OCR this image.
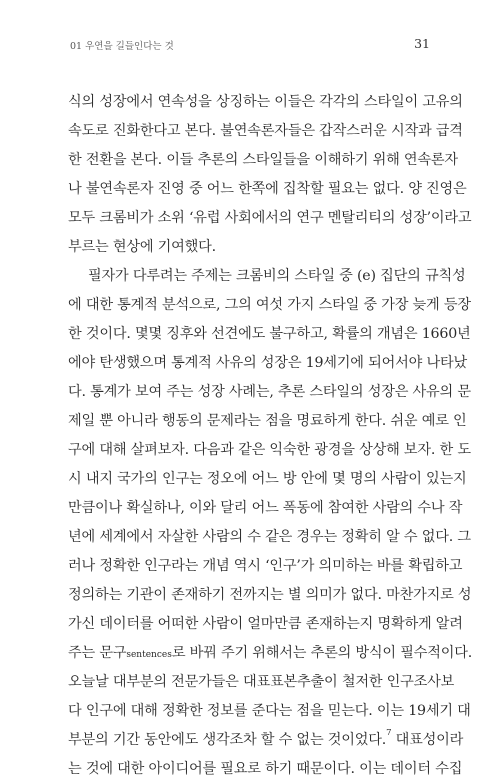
01 우연을 길들인다는 것	31
식의 성장에서 연속성을 상징하는 이들은 각각의 스타일이 고유의
속도로 진화한다고 본다. 불연속론자들은 갑작스러운 시작과 급격
한 전환을 본다. 이들 추론의 스타일들을 이해하기 위해 연속론자
나 불연속론자 진영 중 어느 한쪽에 집착할 필요는 없다. 양 진영은
모두 크롬비가 소위 ‘유럽 사회에서의 연구 멘탈리티의 성장’이라고
부르는 현상에 기여했다.
필자가 다루려는 주제는 크롬비의 스타일 중 (e) 집단의 규칙성
에 대한 통계적 분석으로, 그의 여섯 가지 스타일 중 가장 늦게 등장
한 것이다. 몇몇 징후와 선견에도 불구하고, 확률의 개념은 1660년
에야 탄생했으며 통계적 사유의 성장은 19세기에 되어서야 나타났
다. 통계가 보여 주는 성장 사례는, 추론 스타일의 성장은 사유의 문
제일 뿐 아니라 행동의 문제라는 점을 명료하게 한다. 쉬운 예로 인
구에 대해 살펴보자. 다음과 같은 익숙한 광경을 상상해 보자. 한 도
시 내지 국가의 인구는 정오에 어느 방 안에 몇 명의 사람이 있는지
만큼이나 확실하나, 이와 달리 어느 폭동에 참여한 사람의 수나 작
년에 세계에서 자살한 사람의 수 같은 경우는 정확히 알 수 없다. 그
러나 정확한 인구라는 개념 역시 ‘인구’가 의미하는 바를 확립하고
정의하는 기관이 존재하기 전까지는 별 의미가 없다. 마찬가지로 성
가신 데이터를 어떠한 사람이 얼마만큼 존재하는지 명확하게 알려
주는 문구sentences로 바꿔 주기 위해서는 추론의 방식이 필수적이다.
오늘날 대부분의 전문가들은 대표표본추출이 철저한 인구조사보
다 인구에 대해 정확한 정보를 준다는 점을 믿는다. 이는 19세기 대
부분의 기간 동안에도 생각조차 할 수 없는 것이었다.$^7$ 대표성이라
는 것에 대한 아이디어를 필요로 하기 때문이다. 이는 데이터 수집
